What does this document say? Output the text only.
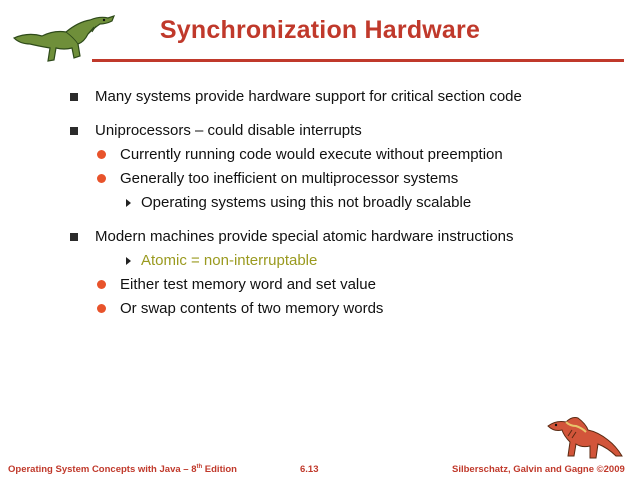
Synchronization Hardware
Many systems provide hardware support for critical section code
Uniprocessors – could disable interrupts
Currently running code would execute without preemption
Generally too inefficient on multiprocessor systems
Operating systems using this not broadly scalable
Modern machines provide special atomic hardware instructions
Atomic = non-interruptable
Either test memory word and set value
Or swap contents of two memory words
Operating System Concepts with Java – 8th Edition	6.13	Silberschatz, Galvin and Gagne ©2009
